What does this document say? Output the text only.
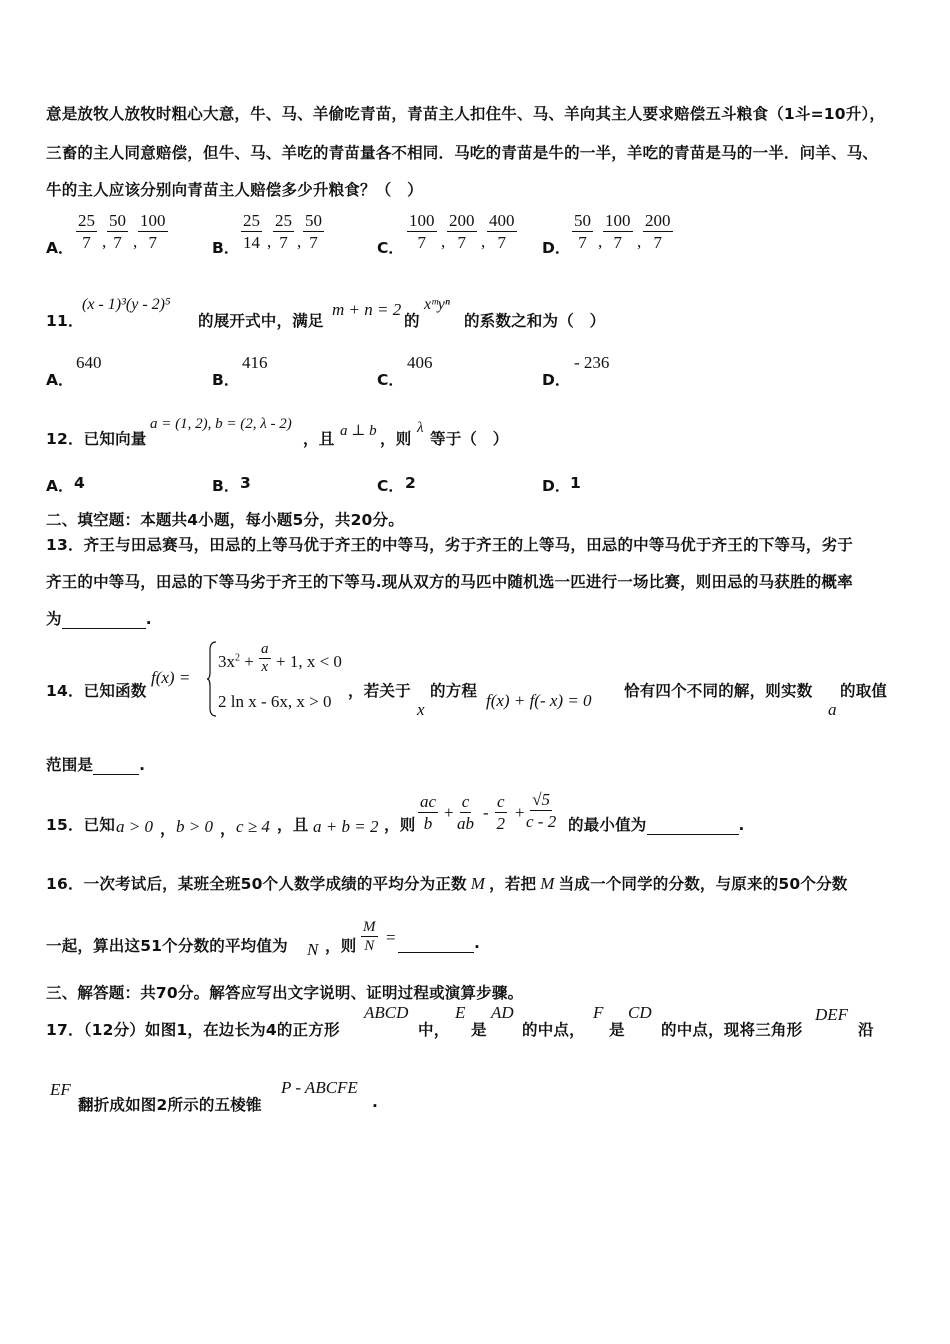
意是放牧人放牧时粗心大意，牛、马、羊偷吃青苗，青苗主人扣住牛、马、羊向其主人要求赔偿五斗粮食（1斗=10升），
三畜的主人同意赔偿，但牛、马、羊吃的青苗量各不相同．马吃的青苗是牛的一半，羊吃的青苗是马的一半．问羊、马、
牛的主人应该分别向青苗主人赔偿多少升粮食？（　）
A． $\frac{25}{7}$ , $\frac{50}{7}$ , $\frac{100}{7}$	B． $\frac{25}{14}$ , $\frac{25}{7}$ , $\frac{50}{7}$	C． $\frac{100}{7}$ , $\frac{200}{7}$ , $\frac{400}{7}$ D． $\frac{50}{7}$ , $\frac{100}{7}$ , $\frac{200}{7}$
11．
(x - 1)³(y - 2)⁵
的展开式中，满足
m + n = 2
的
xᵐyⁿ
的系数之和为（　）
A．
640
B．
416
C．
406
D．
- 236
12．已知向量
a = (1, 2), b = (2, λ - 2)
，且 a ⊥ b ，则
λ
等于（　）
A． 4	B． 3	C． 2	D． 1
二、填空题：本题共4小题，每小题5分，共20分。
13．齐王与田忌赛马，田忌的上等马优于齐王的中等马，劣于齐王的上等马，田忌的中等马优于齐王的下等马，劣于
齐王的中等马，田忌的下等马劣于齐王的下等马.现从双方的马匹中随机选一匹进行一场比赛，则田忌的马获胜的概率
为	.
14．已知函数
f(x) =
$3x^2 + \frac{a}{x} + 1$, x < 0
2 ln x - 6x, x > 0
，若关于
x
的方程 f(x) + f(- x) = 0 恰有四个不同的解，则实数
a
的取值
范围是	.
15．已知 a > 0 ， b > 0 ， c ≥ 4 ，且 a + b = 2 ，则 $\frac{ac}{b} + \frac{c}{ab} - \frac{c}{2} + \frac{√5}{c - 2}$ 的最小值为	.
16．一次考试后，某班全班50个人数学成绩的平均分为正数 M ，若把 M 当成一个同学的分数，与原来的50个分数
一起，算出这51个分数的平均值为 N ，则 $\frac{M}{N}$ =	.
三、解答题：共70分。解答应写出文字说明、证明过程或演算步骤。
17．（12分）如图1，在边长为4的正方形
ABCD
中，
E
是
AD
的中点，
F
是
CD
的中点，现将三角形
DEF
沿
EF
翻折成如图2所示的五棱锥
P - ABCFE
.
